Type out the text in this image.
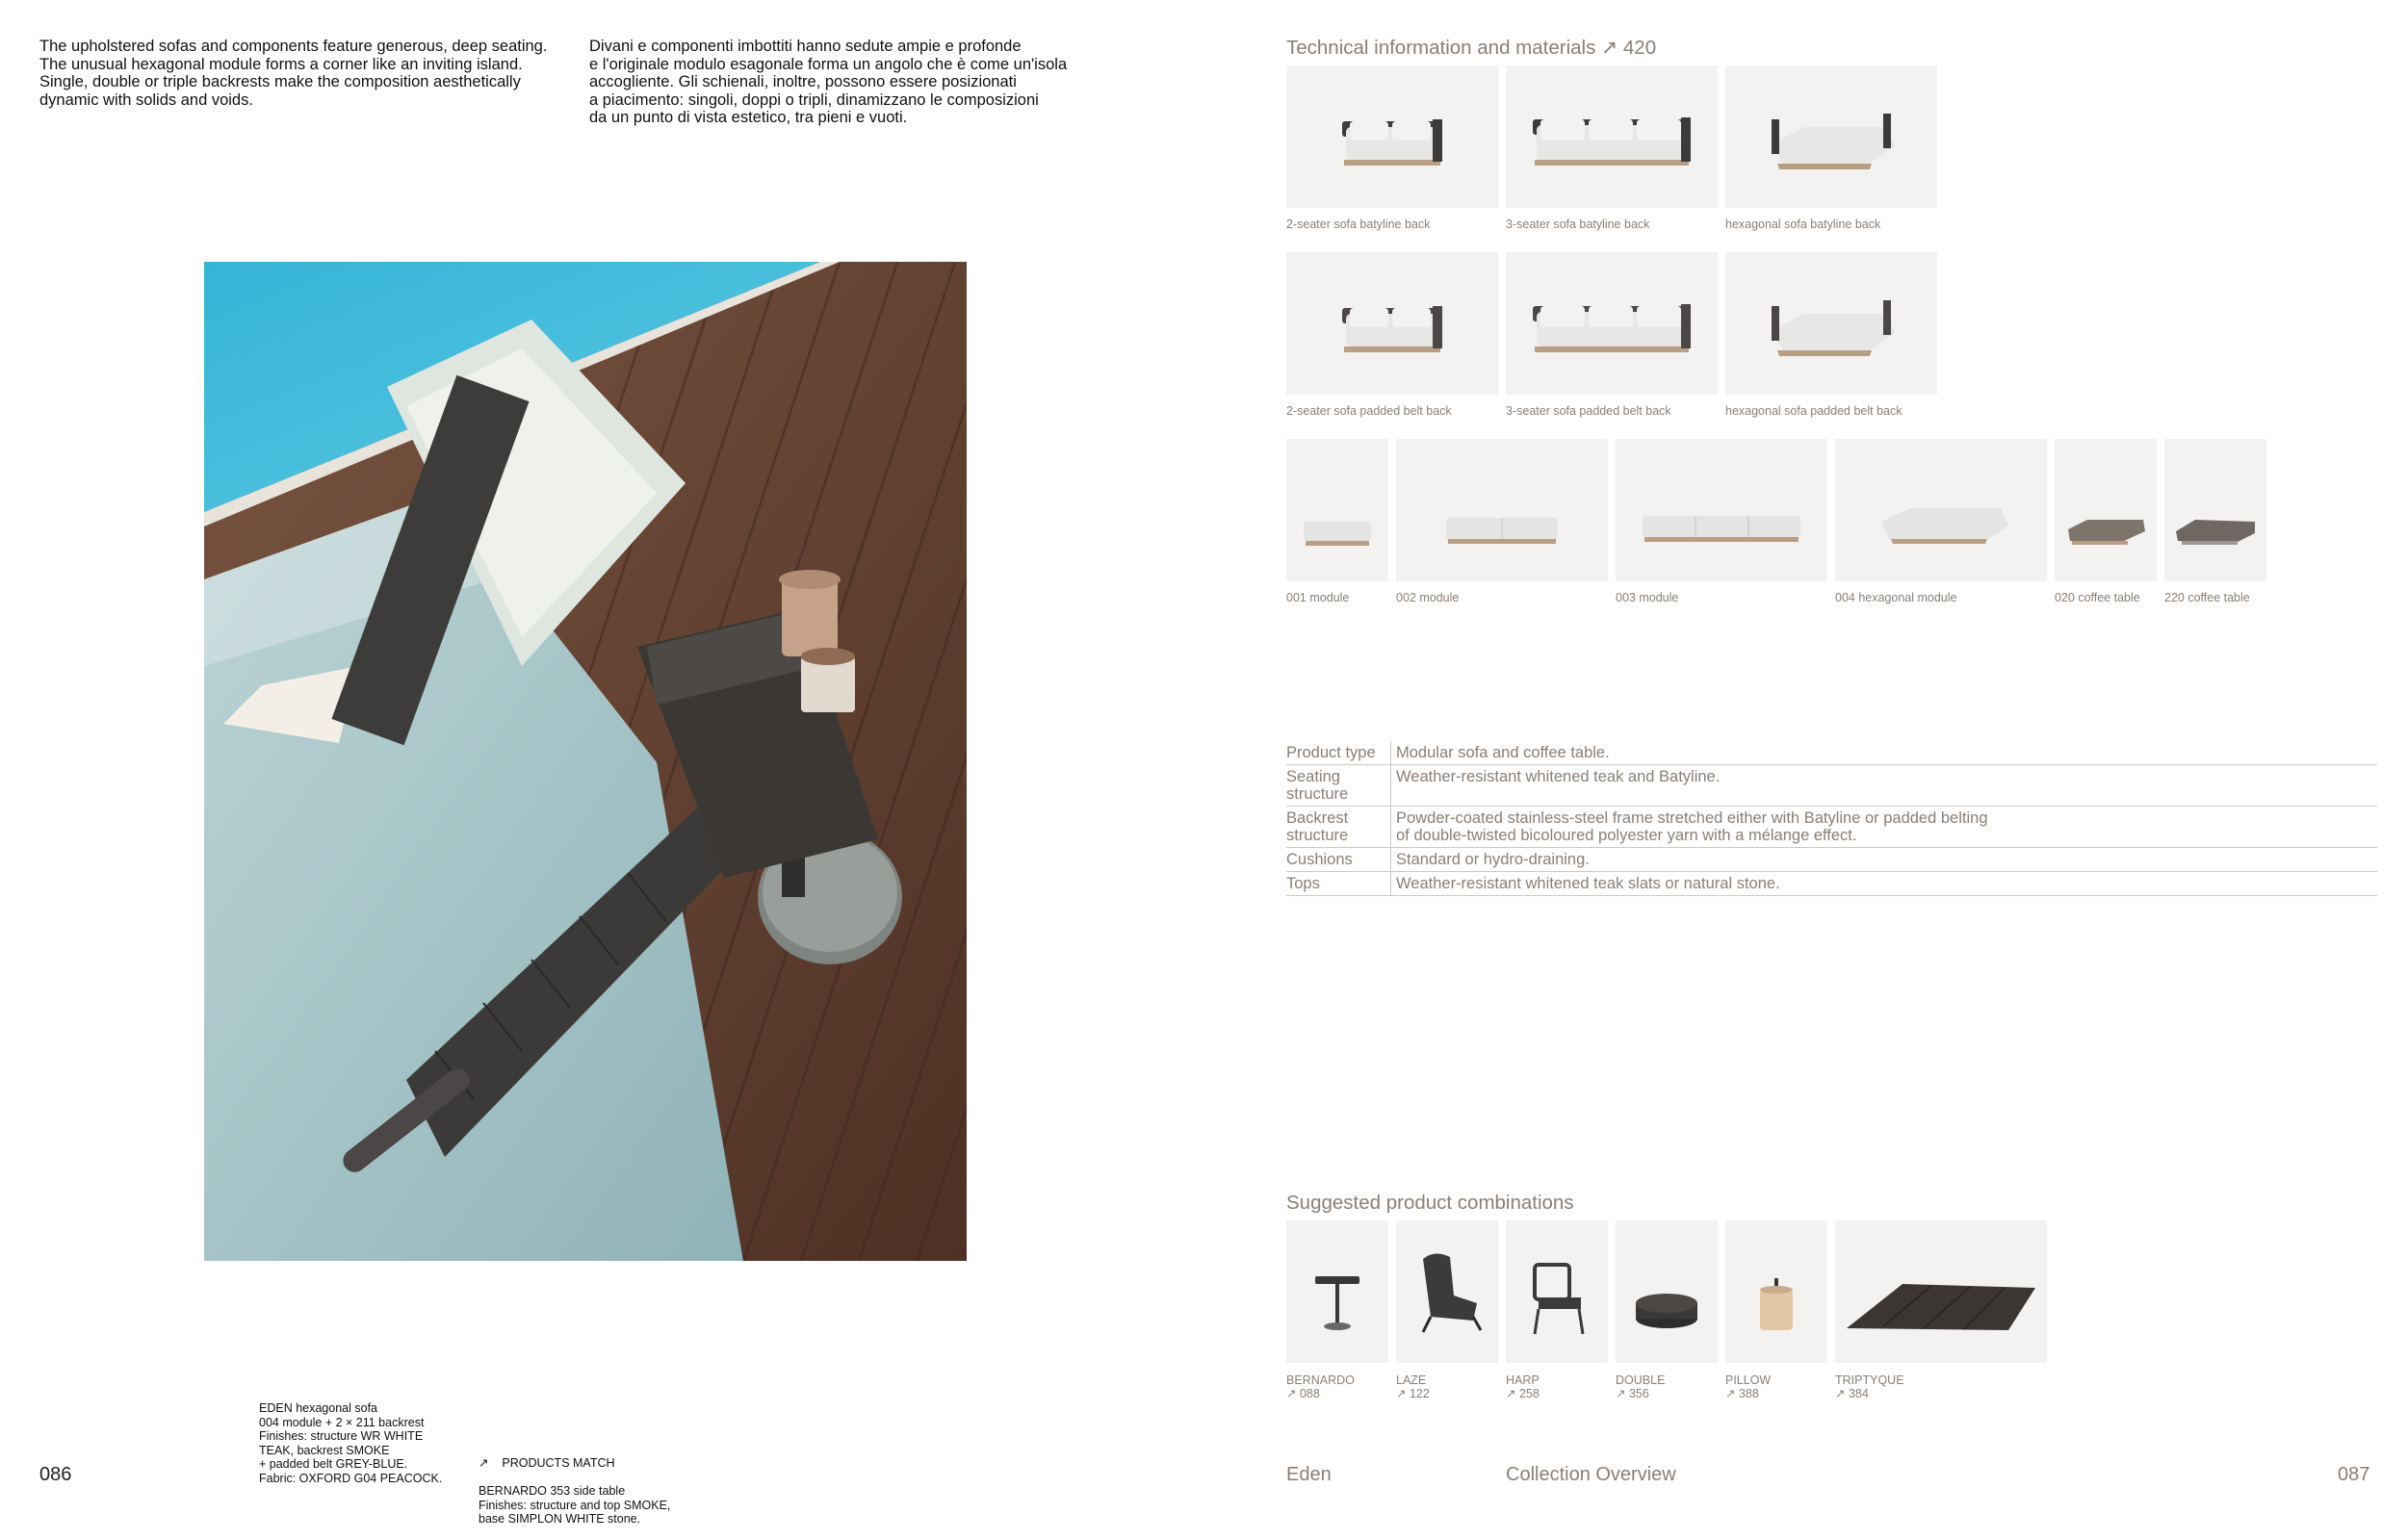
The upholstered sofas and components feature generous, deep seating.
The unusual hexagonal module forms a corner like an inviting island.
Single, double or triple backrests make the composition aesthetically
dynamic with solids and voids.
Divani e componenti imbottiti hanno sedute ampie e profonde
e l'originale modulo esagonale forma un angolo che è come un'isola
accogliente. Gli schienali, inoltre, possono essere posizionati
a piacimento: singoli, doppi o tripli, dinamizzano le composizioni
da un punto di vista estetico, tra pieni e vuoti.
EDEN hexagonal sofa
004 module + 2 × 211 backrest
Finishes: structure WR WHITE
TEAK, backrest SMOKE
+ padded belt GREY-BLUE.
Fabric: OXFORD G04 PEACOCK.

↗ PRODUCTS MATCH

BERNARDO 353 side table
Finishes: structure and top SMOKE,
base SIMPLON WHITE stone.

086
Technical information and materials ↗ 420
2-seater sofa batyline back	3-seater sofa batyline back	hexagonal sofa batyline back
2-seater sofa padded belt back	3-seater sofa padded belt back	hexagonal sofa padded belt back
001 module	002 module	003 module	004 hexagonal module	020 coffee table 220 coffee table
Product type	Modular sofa and coffee table.
Seating structure	Weather-resistant whitened teak and Batyline.
Backrest structure	Powder-coated stainless-steel frame stretched either with Batyline or padded belting
of double-twisted bicoloured polyester yarn with a mélange effect.
Cushions	Standard or hydro-draining.
Tops	Weather-resistant whitened teak slats or natural stone.
Suggested product combinations
BERNARDO
↗ 088
LAZE
↗ 122
HARP
↗ 258
DOUBLE
↗ 356
PILLOW
↗ 388
TRIPTYQUE
↗ 384
Eden	Collection Overview	087
